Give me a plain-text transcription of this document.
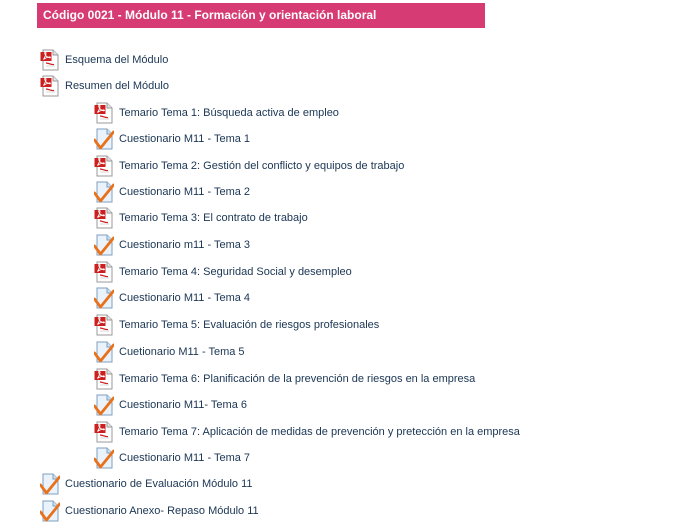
Código 0021 - Módulo 11 - Formación y orientación laboral
Esquema del Módulo
Resumen del Módulo
Temario Tema 1: Búsqueda activa de empleo
Cuestionario M11 - Tema 1
Temario Tema 2: Gestión del conflicto y equipos de trabajo
Cuestionario M11 - Tema 2
Temario Tema 3: El contrato de trabajo
Cuestionario m11 - Tema 3
Temario Tema 4: Seguridad Social y desempleo
Cuestionario M11 - Tema 4
Temario Tema 5: Evaluación de riesgos profesionales
Cuetionario M11 - Tema 5
Temario Tema 6: Planificación de la prevención de riesgos en la empresa
Cuestionario M11- Tema 6
Temario Tema 7: Aplicación de medidas de prevención y pretección en la empresa
Cuestionario M11 - Tema 7
Cuestionario de Evaluación Módulo 11
Cuestionario Anexo- Repaso Módulo 11
